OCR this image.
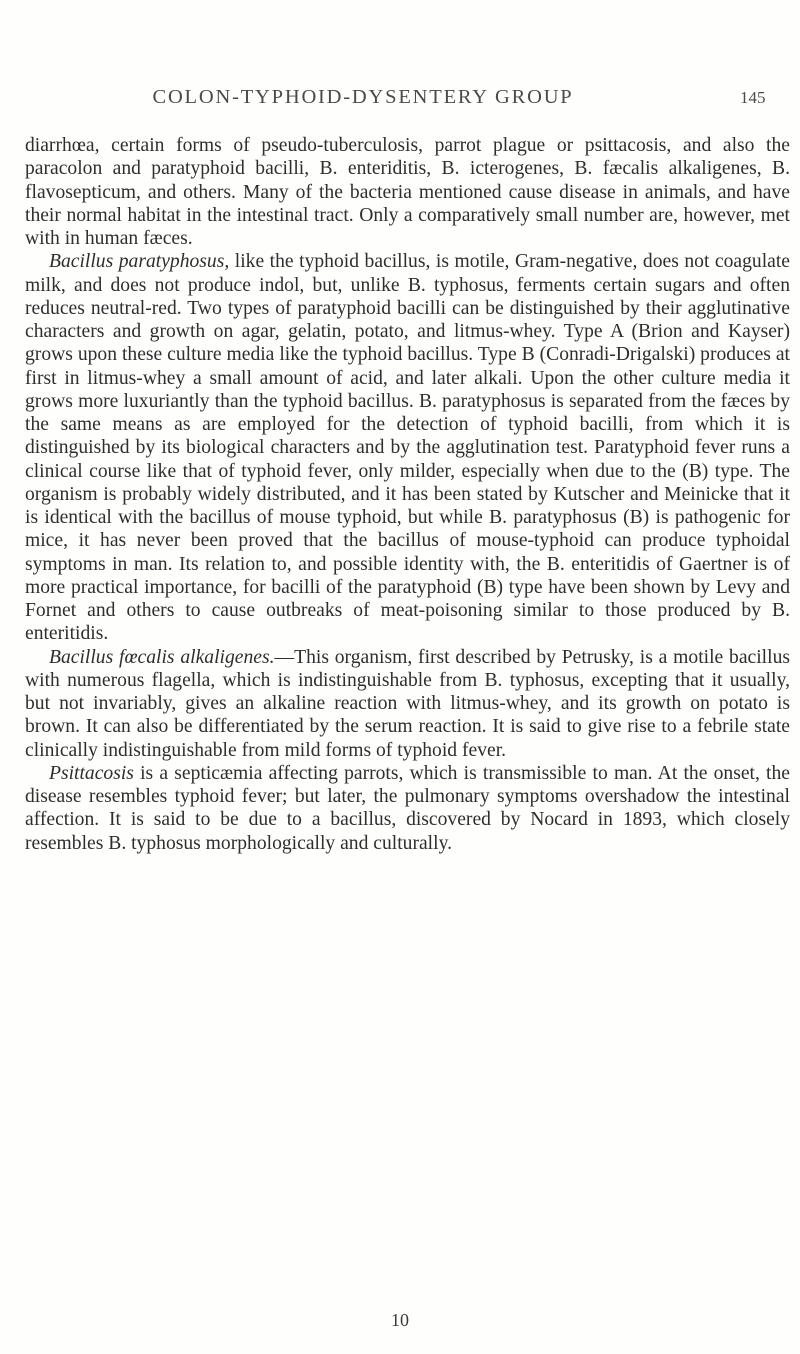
COLON-TYPHOID-DYSENTERY GROUP	145

diarrhœa, certain forms of pseudo-tuberculosis, parrot plague or psittacosis, and also the paracolon and paratyphoid bacilli, B. enteriditis, B. icterogenes, B. fæcalis alkaligenes, B. flavosepticum, and others. Many of the bacteria mentioned cause disease in animals, and have their normal habitat in the intestinal tract. Only a comparatively small number are, however, met with in human fæces.

Bacillus paratyphosus, like the typhoid bacillus, is motile, Gram-negative, does not coagulate milk, and does not produce indol, but, unlike B. typhosus, ferments certain sugars and often reduces neutral-red. Two types of paratyphoid bacilli can be distinguished by their agglutinative characters and growth on agar, gelatin, potato, and litmus-whey. Type A (Brion and Kayser) grows upon these culture media like the typhoid bacillus. Type B (Conradi-Drigalski) produces at first in litmus-whey a small amount of acid, and later alkali. Upon the other culture media it grows more luxuriantly than the typhoid bacillus. B. paratyphosus is separated from the fæces by the same means as are employed for the detection of typhoid bacilli, from which it is distinguished by its biological characters and by the agglutination test. Paratyphoid fever runs a clinical course like that of typhoid fever, only milder, especially when due to the (B) type. The organism is probably widely distributed, and it has been stated by Kutscher and Meinicke that it is identical with the bacillus of mouse typhoid, but while B. paratyphosus (B) is pathogenic for mice, it has never been proved that the bacillus of mouse-typhoid can produce typhoidal symptoms in man. Its relation to, and possible identity with, the B. enteritidis of Gaertner is of more practical importance, for bacilli of the paratyphoid (B) type have been shown by Levy and Fornet and others to cause outbreaks of meat-poisoning similar to those produced by B. enteritidis.

Bacillus fœcalis alkaligenes.—This organism, first described by Petrusky, is a motile bacillus with numerous flagella, which is indistinguishable from B. typhosus, excepting that it usually, but not invariably, gives an alkaline reaction with litmus-whey, and its growth on potato is brown. It can also be differentiated by the serum reaction. It is said to give rise to a febrile state clinically indistinguishable from mild forms of typhoid fever.

Psittacosis is a septicæmia affecting parrots, which is transmissible to man. At the onset, the disease resembles typhoid fever; but later, the pulmonary symptoms overshadow the intestinal affection. It is said to be due to a bacillus, discovered by Nocard in 1893, which closely resembles B. typhosus morphologically and culturally.

10
